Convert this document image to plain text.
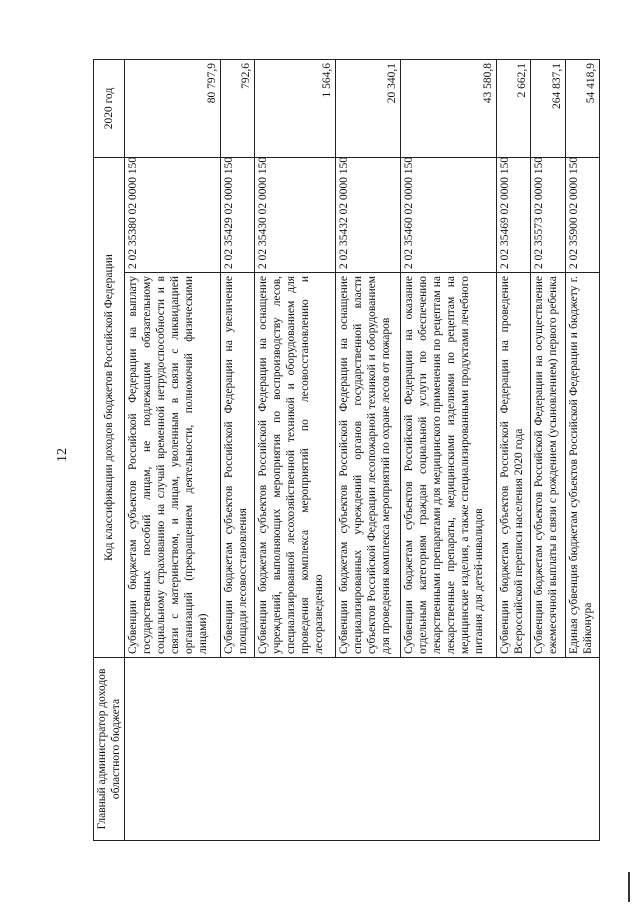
12
Главный администратор доходов областного бюджета	Код классификации доходов бюджетов Российской Федерации		2020 год
	Субвенции бюджетам субъектов Российской Федерации на выплату государственных пособий лицам, не подлежащим обязательному социальному страхованию на случай временной нетрудоспособности и в связи с материнством, и лицам, уволенным в связи с ликвидацией организаций (прекращением деятельности, полномочий физическими лицами)	2 02 35380 02 0000 150	80 797,9
	Субвенции бюджетам субъектов Российской Федерации на увеличение площади лесовосстановления	2 02 35429 02 0000 150	792,6
	Субвенции бюджетам субъектов Российской Федерации на оснащение учреждений, выполняющих мероприятия по воспроизводству лесов, специализированной лесохозяйственной техникой и оборудованием для проведения комплекса мероприятий по лесовосстановлению и лесоразведению	2 02 35430 02 0000 150	1 564,6
	Субвенции бюджетам субъектов Российской Федерации на оснащение специализированных учреждений органов государственной власти субъектов Российской Федерации лесопожарной техникой и оборудованием для проведения комплекса мероприятий по охране лесов от пожаров	2 02 35432 02 0000 150	20 340,1
	Субвенции бюджетам субъектов Российской Федерации на оказание отдельным категориям граждан социальной услуги по обеспечению лекарственными препаратами для медицинского применения по рецептам на лекарственные препараты, медицинскими изделиями по рецептам на медицинские изделия, а также специализированными продуктами лечебного питания для детей-инвалидов	2 02 35460 02 0000 150	43 580,8
	Субвенции бюджетам субъектов Российской Федерации на проведение Всероссийской переписи населения 2020 года	2 02 35469 02 0000 150	2 662,1
	Субвенции бюджетам субъектов Российской Федерации на осуществление ежемесячной выплаты в связи с рождением (усыновлением) первого ребенка	2 02 35573 02 0000 150	264 837,1
	Единая субвенция бюджетам субъектов Российской Федерации и бюджету г. Байконура	2 02 35900 02 0000 150	54 418,9
